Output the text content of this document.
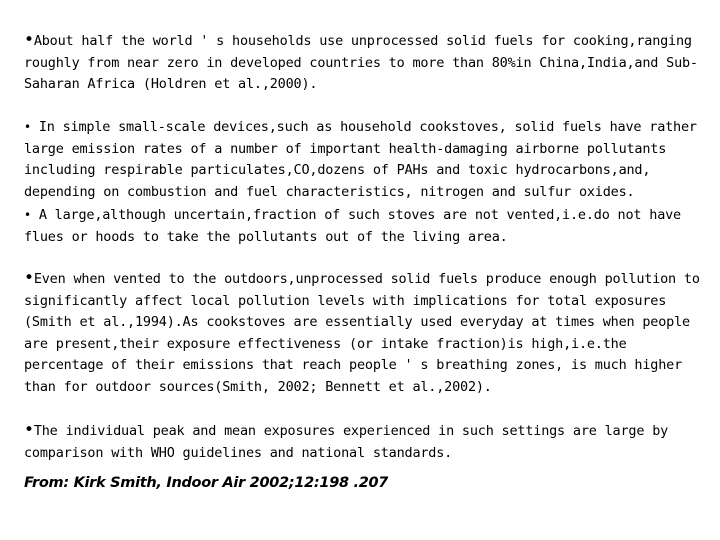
•About half the world ' s households use unprocessed solid fuels for cooking,ranging roughly from near zero in developed countries to more than 80%in China,India,and Sub-Saharan Africa (Holdren et al.,2000).
• In simple small-scale devices,such as household cookstoves, solid fuels have rather large emission rates of a number of important health-damaging airborne pollutants including respirable particulates,CO,dozens of PAHs and toxic hydrocarbons,and, depending on combustion and fuel characteristics, nitrogen and sulfur oxides.
• A large,although uncertain,fraction of such stoves are not vented,i.e.do not have flues or hoods to take the pollutants out of the living area.
•Even when vented to the outdoors,unprocessed solid fuels produce enough pollution to significantly affect local pollution levels with implications for total exposures (Smith et al.,1994).As cookstoves are essentially used everyday at times when people are present,their exposure effectiveness (or intake fraction)is high,i.e.the percentage of their emissions that reach people ' s breathing zones, is much higher than for outdoor sources(Smith, 2002; Bennett et al.,2002).
•The individual peak and mean exposures experienced in such settings are large by comparison with WHO guidelines and national standards.
From: Kirk Smith, Indoor Air 2002;12:198 .207
